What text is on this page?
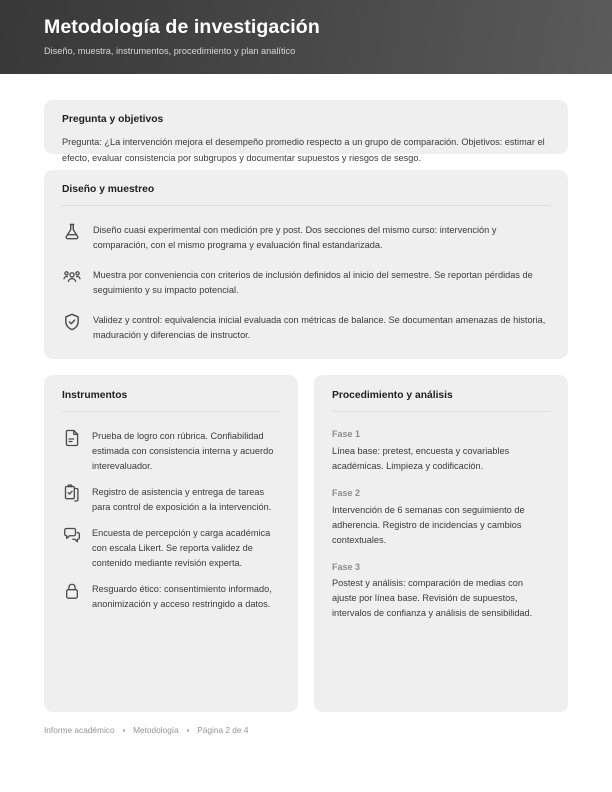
Metodología de investigación

Diseño, muestra, instrumentos, procedimiento y plan analítico

Pregunta y objetivos

Pregunta: ¿La intervención mejora el desempeño promedio respecto a un grupo de comparación. Objetivos: estimar el efecto, evaluar consistencia por subgrupos y documentar supuestos y riesgos de sesgo.

Diseño y muestreo

Diseño cuasi experimental con medición pre y post. Dos secciones del mismo curso: intervención y comparación, con el mismo programa y evaluación final estandarizada.

Muestra por conveniencia con criterios de inclusión definidos al inicio del semestre. Se reportan pérdidas de seguimiento y su impacto potencial.

Validez y control: equivalencia inicial evaluada con métricas de balance. Se documentan amenazas de historia, maduración y diferencias de instructor.

Instrumentos

Prueba de logro con rúbrica. Confiabilidad estimada con consistencia interna y acuerdo interevaluador.

Registro de asistencia y entrega de tareas para control de exposición a la intervención.

Encuesta de percepción y carga académica con escala Likert. Se reporta validez de contenido mediante revisión experta.

Resguardo ético: consentimiento informado, anonimización y acceso restringido a datos.

Procedimiento y análisis

Fase 1

Línea base: pretest, encuesta y covariables académicas. Limpieza y codificación.

Fase 2

Intervención de 6 semanas con seguimiento de adherencia. Registro de incidencias y cambios contextuales.

Fase 3

Postest y análisis: comparación de medias con ajuste por línea base. Revisión de supuestos, intervalos de confianza y análisis de sensibilidad.

Informe académico Metodología Página 2 de 4
